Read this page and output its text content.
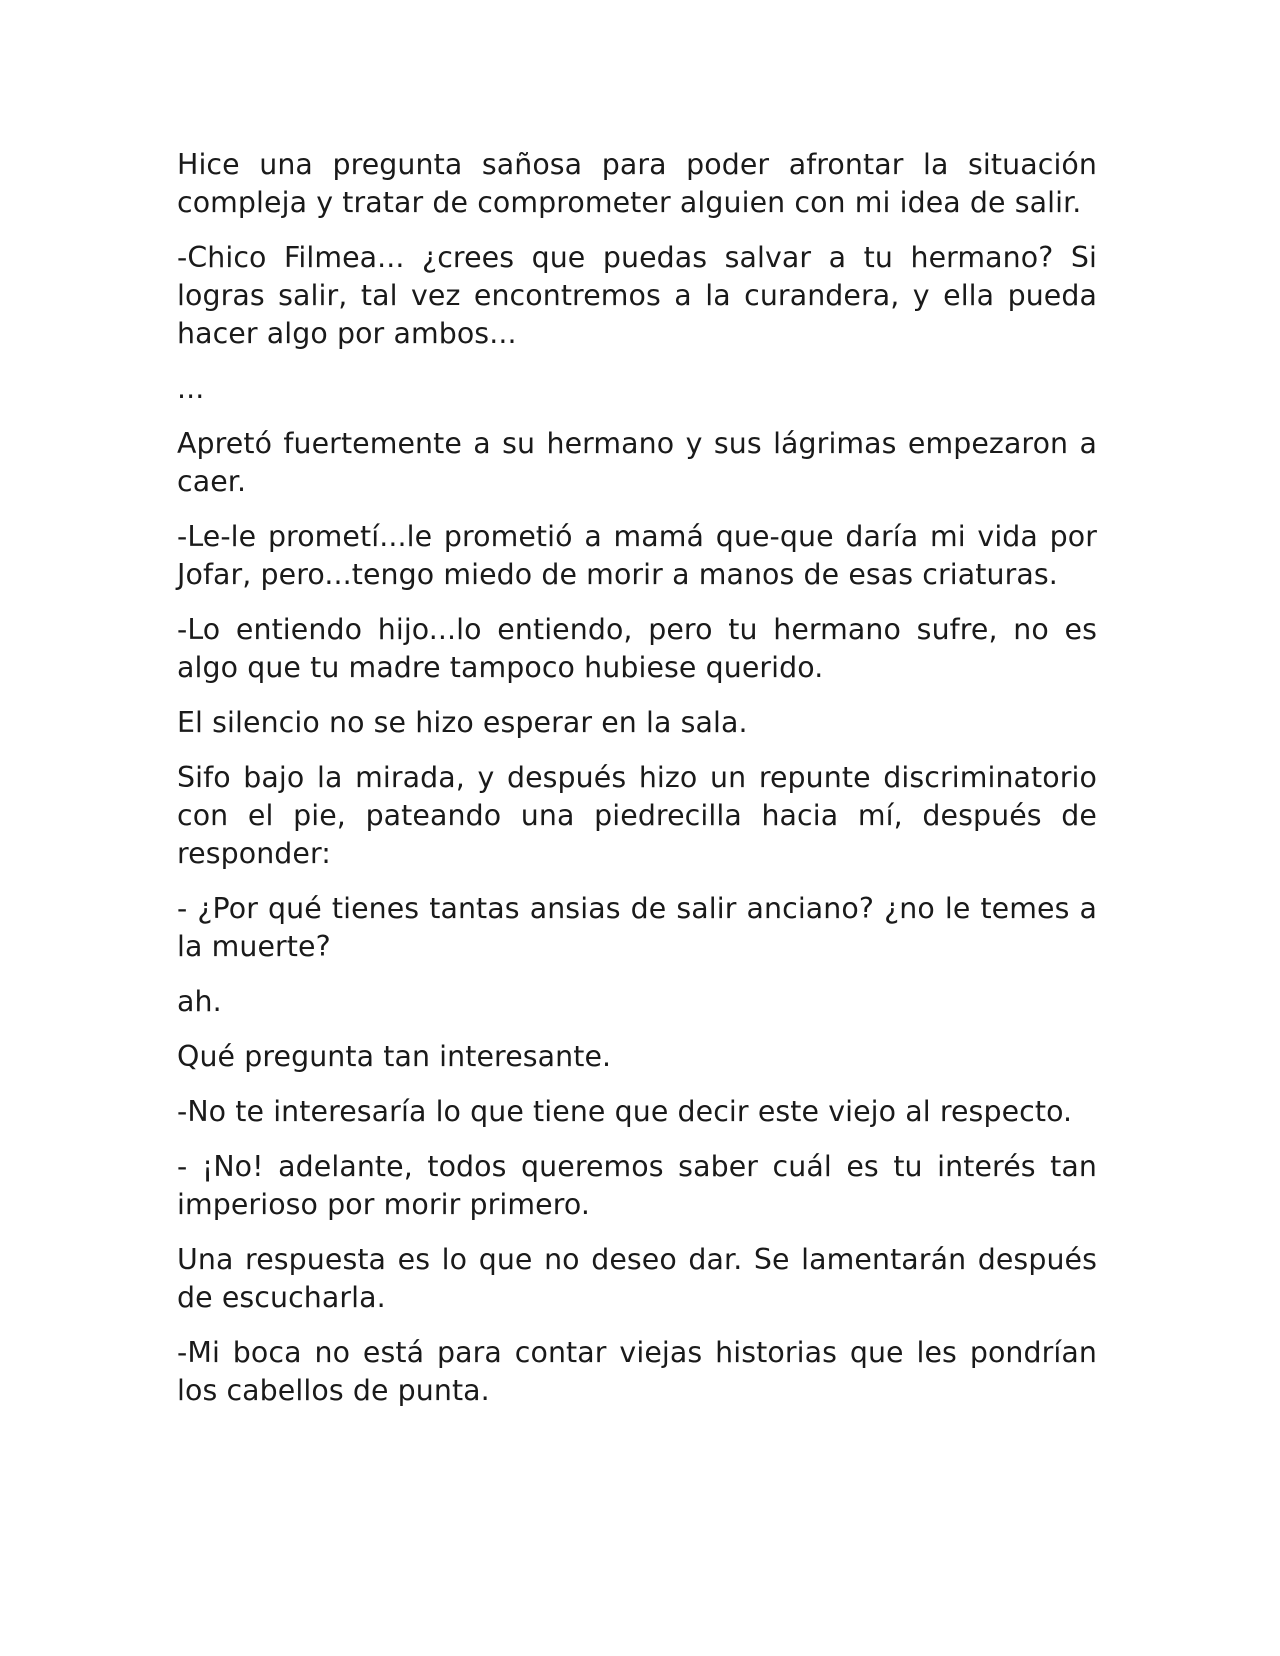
Hice una pregunta sañosa para poder afrontar la situación compleja y tratar de comprometer alguien con mi idea de salir.

-Chico Filmea... ¿crees que puedas salvar a tu hermano? Si logras salir, tal vez encontremos a la curandera, y ella pueda hacer algo por ambos...

...

Apretó fuertemente a su hermano y sus lágrimas empezaron a caer.

-Le-le prometí...le prometió a mamá que-que daría mi vida por Jofar, pero...tengo miedo de morir a manos de esas criaturas.

-Lo entiendo hijo...lo entiendo, pero tu hermano sufre, no es algo que tu madre tampoco hubiese querido.

El silencio no se hizo esperar en la sala.

Sifo bajo la mirada, y después hizo un repunte discriminatorio con el pie, pateando una piedrecilla hacia mí, después de responder:

- ¿Por qué tienes tantas ansias de salir anciano? ¿no le temes a la muerte?

ah.

Qué pregunta tan interesante.

-No te interesaría lo que tiene que decir este viejo al respecto.

- ¡No! adelante, todos queremos saber cuál es tu interés tan imperioso por morir primero.

Una respuesta es lo que no deseo dar. Se lamentarán después de escucharla.

-Mi boca no está para contar viejas historias que les pondrían los cabellos de punta.
